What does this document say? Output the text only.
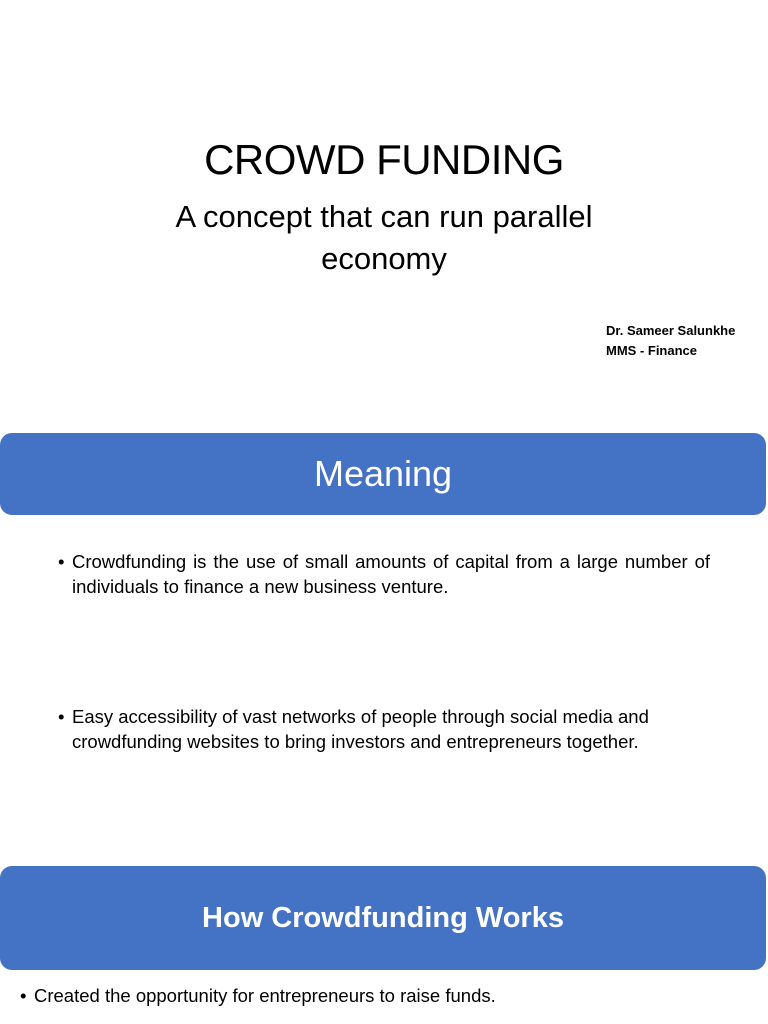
CROWD FUNDING
A concept that can run parallel economy
Dr. Sameer Salunkhe
MMS - Finance
Meaning
• Crowdfunding is the use of small amounts of capital from a large number of individuals to finance a new business venture.
• Easy accessibility of vast networks of people through social media and crowdfunding websites to bring investors and entrepreneurs together.
How Crowdfunding Works
• Created the opportunity for entrepreneurs to raise funds.
